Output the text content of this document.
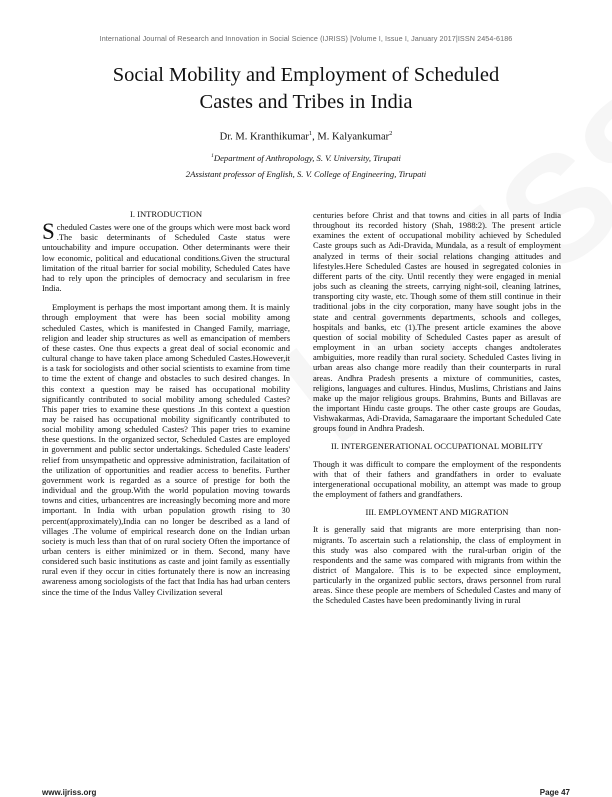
International Journal of Research and Innovation in Social Science (IJRISS) |Volume I, Issue I, January 2017|ISSN 2454-6186
Social Mobility and Employment of Scheduled
Castes and Tribes in India
Dr. M. Kranthikumar$^1$, M. Kalyankumar$^2$
$^1$Department of Anthropology, S. V. University, Tirupati
2Assistant professor of English, S. V. College of Engineering, Tirupati
I. INTRODUCTION

Scheduled Castes were one of the groups which were most back word .The basic determinants of Scheduled Caste status were untouchability and impure occupation. Other determinants were their low economic, political and educational conditions.Given the structural limitation of the ritual barrier for social mobility, Scheduled Cates have had to rely upon the principles of democracy and secularism in free India.

Employment is perhaps the most important among them. It is mainly through employment that were has been social mobility among scheduled Castes, which is manifested in Changed Family, marriage, religion and leader ship structures as well as emancipation of members of these castes. One thus expects a great deal of social economic and cultural change to have taken place among Scheduled Castes.However,it is a task for sociologists and other social scientists to examine from time to time the extent of change and obstacles to such desired changes. In this context a question may be raised has occupational mobility significantly contributed to social mobility among scheduled Castes? This paper tries to examine these questions .In this context a question may be raised has occupational mobility significantly contributed to social mobility among scheduled Castes? This paper tries to examine these questions. In the organized sector, Scheduled Castes are employed in government and public sector undertakings. Scheduled Caste leaders' relief from unsympathetic and oppressive administration, facilaitation of the utilization of opportunities and readier access to benefits. Further government work is regarded as a source of prestige for both the individual and the group.With the world population moving towards towns and cities, urbancentres are increasingly becoming more and more important. In India with urban population growth rising to 30 percent(approximately),India can no longer be described as a land of villages .The volume of empirical research done on the Indian urban society is much less than that of on rural society Often the importance of urban centers is either minimized or in them. Second, many have considered such basic institutions as caste and joint family as essentially rural even if they occur in cities fortunately there is now an increasing awareness among sociologists of the fact that India has had urban centers since the time of the Indus Valley Civilization several

centuries before Christ and that towns and cities in all parts of India throughout its recorded history (Shah, 1988:2). The present article examines the extent of occupational mobility achieved by Scheduled Caste groups such as Adi-Dravida, Mundala, as a result of employment analyzed in terms of their social relations changing attitudes and lifestyles.Here Scheduled Castes are housed in segregated colonies in different parts of the city. Until recently they were engaged in menial jobs such as cleaning the streets, carrying night-soil, cleaning latrines, transporting city waste, etc. Though some of them still continue in their traditional jobs in the city corporation, many have sought jobs in the state and central governments departments, schools and colleges, hospitals and banks, etc (1).The present article examines the above question of social mobility of Scheduled Castes paper as aresult of employment in an urban society accepts changes andtolerates ambiguities, more readily than rural society. Scheduled Castes living in urban areas also change more readily than their counterparts in rural areas. Andhra Pradesh presents a mixture of communities, castes, religions, languages and cultures. Hindus, Muslims, Christians and Jains make up the major religious groups. Brahmins, Bunts and Billavas are the important Hindu caste groups. The other caste groups are Goudas, Vishwakarmas, Adi-Dravida, Samagaraare the important Scheduled Cate groups found in Andhra Pradesh.

II. INTERGENERATIONAL OCCUPATIONAL MOBILITY

Though it was difficult to compare the employment of the respondents with that of their fathers and grandfathers in order to evaluate intergenerational occupational mobility, an attempt was made to group the employment of fathers and grandfathers.

III. EMPLOYMENT AND MIGRATION

It is generally said that migrants are more enterprising than non-migrants. To ascertain such a relationship, the class of employment in this study was also compared with the rural-urban origin of the respondents and the same was compared with migrants from within the district of Mangalore. This is to be expected since employment, particularly in the organized public sectors, draws personnel from rural areas. Since these people are members of Scheduled Castes and many of the Scheduled Castes have been predominantly living in rural

www.ijriss.org	Page 47
